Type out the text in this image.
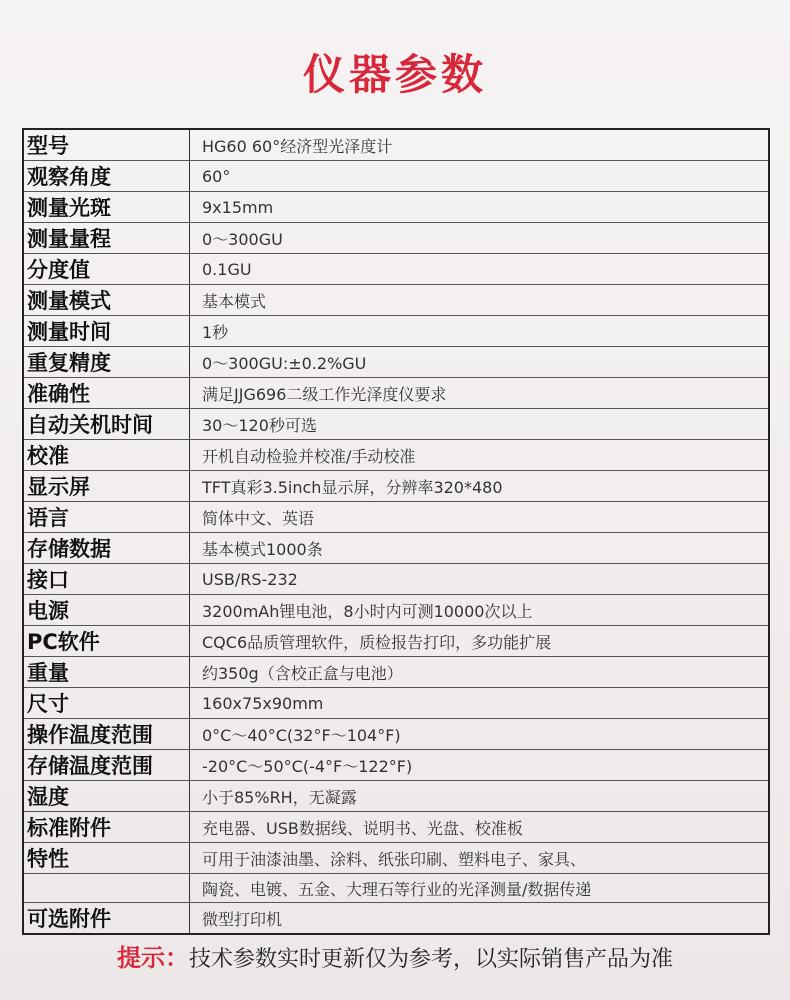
仪器参数
型号	HG60 60°经济型光泽度计
观察角度	60°
测量光斑	9x15mm
测量量程	0～300GU
分度值	0.1GU
测量模式	基本模式
测量时间	1秒
重复精度	0～300GU:±0.2%GU
准确性	满足JJG696二级工作光泽度仪要求
自动关机时间	30～120秒可选
校准	开机自动检验并校准/手动校准
显示屏	TFT真彩3.5inch显示屏，分辨率320*480
语言	简体中文、英语
存储数据	基本模式1000条
接口	USB/RS-232
电源	3200mAh锂电池，8小时内可测10000次以上
PC软件	CQC6品质管理软件，质检报告打印，多功能扩展
重量	约350g（含校正盒与电池）
尺寸	160x75x90mm
操作温度范围	0°C～40°C(32°F～104°F)
存储温度范围	-20°C～50°C(-4°F～122°F)
湿度	小于85%RH，无凝露
标准附件	充电器、USB数据线、说明书、光盘、校准板
特性	可用于油漆油墨、涂料、纸张印刷、塑料电子、家具、
	陶瓷、电镀、五金、大理石等行业的光泽测量/数据传递
可选附件	微型打印机
提示：技术参数实时更新仅为参考，以实际销售产品为准
